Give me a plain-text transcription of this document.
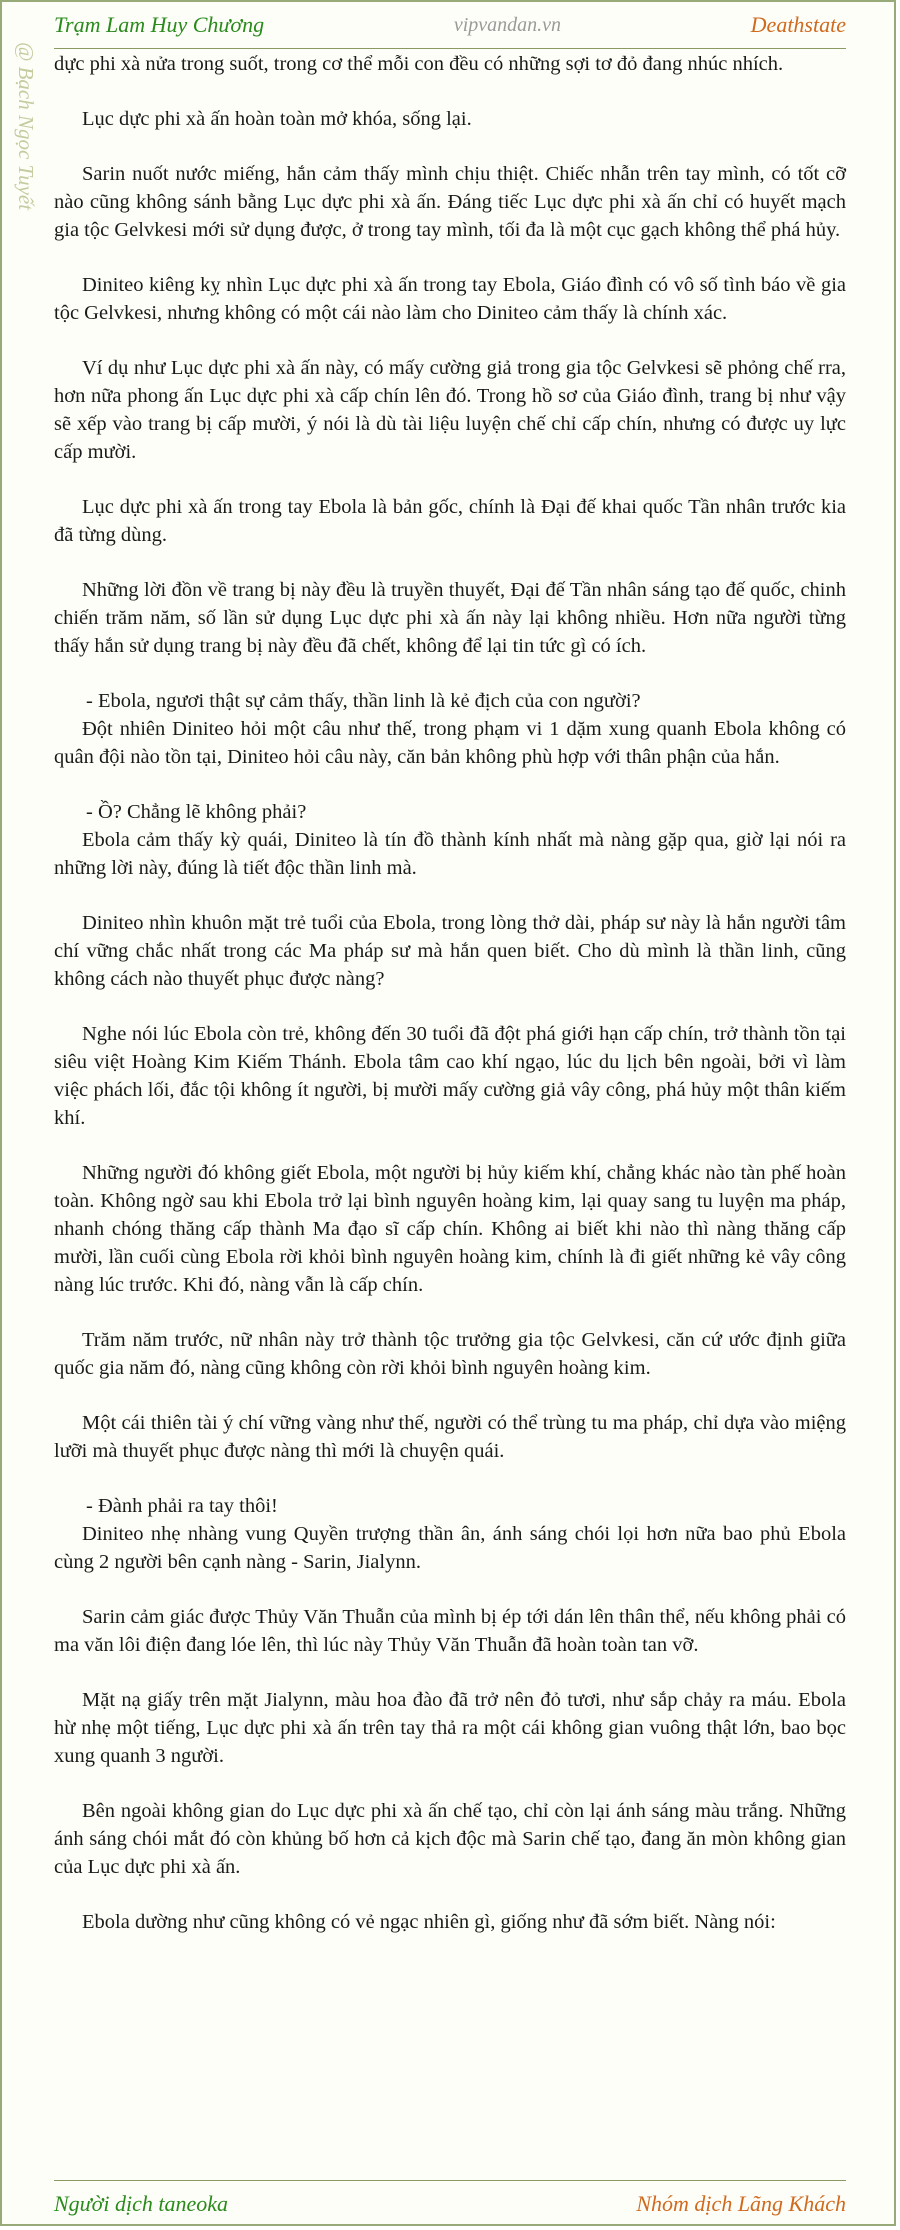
Trạm Lam Huy Chương	vipvandan.vn	Deathstate
@ Bạch Ngọc Tuyết dực phi xà nửa trong suốt, trong cơ thể mỗi con đều có những sợi tơ đỏ đang nhúc nhích.

Lục dực phi xà ấn hoàn toàn mở khóa, sống lại.

Sarin nuốt nước miếng, hắn cảm thấy mình chịu thiệt. Chiếc nhẫn trên tay mình, có tốt cỡ nào cũng không sánh bằng Lục dực phi xà ấn. Đáng tiếc Lục dực phi xà ấn chỉ có huyết mạch gia tộc Gelvkesi mới sử dụng được, ở trong tay mình, tối đa là một cục gạch không thể phá hủy.

Diniteo kiêng kỵ nhìn Lục dực phi xà ấn trong tay Ebola, Giáo đình có vô số tình báo về gia tộc Gelvkesi, nhưng không có một cái nào làm cho Diniteo cảm thấy là chính xác.

Ví dụ như Lục dực phi xà ấn này, có mấy cường giả trong gia tộc Gelvkesi sẽ phỏng chế rra, hơn nữa phong ấn Lục dực phi xà cấp chín lên đó. Trong hồ sơ của Giáo đình, trang bị như vậy sẽ xếp vào trang bị cấp mười, ý nói là dù tài liệu luyện chế chỉ cấp chín, nhưng có được uy lực cấp mười.

Lục dực phi xà ấn trong tay Ebola là bản gốc, chính là Đại đế khai quốc Tần nhân trước kia đã từng dùng.

Những lời đồn về trang bị này đều là truyền thuyết, Đại đế Tần nhân sáng tạo đế quốc, chinh chiến trăm năm, số lần sử dụng Lục dực phi xà ấn này lại không nhiều. Hơn nữa người từng thấy hắn sử dụng trang bị này đều đã chết, không để lại tin tức gì có ích.

- Ebola, ngươi thật sự cảm thấy, thần linh là kẻ địch của con người?

Đột nhiên Diniteo hỏi một câu như thế, trong phạm vi 1 dặm xung quanh Ebola không có quân đội nào tồn tại, Diniteo hỏi câu này, căn bản không phù hợp với thân phận của hắn.

- Ồ? Chẳng lẽ không phải?

Ebola cảm thấy kỳ quái, Diniteo là tín đồ thành kính nhất mà nàng gặp qua, giờ lại nói ra những lời này, đúng là tiết độc thần linh mà.

Diniteo nhìn khuôn mặt trẻ tuổi của Ebola, trong lòng thở dài, pháp sư này là hắn người tâm chí vững chắc nhất trong các Ma pháp sư mà hắn quen biết. Cho dù mình là thần linh, cũng không cách nào thuyết phục được nàng?

Nghe nói lúc Ebola còn trẻ, không đến 30 tuổi đã đột phá giới hạn cấp chín, trở thành tồn tại siêu việt Hoàng Kim Kiếm Thánh. Ebola tâm cao khí ngạo, lúc du lịch bên ngoài, bởi vì làm việc phách lối, đắc tội không ít người, bị mười mấy cường giả vây công, phá hủy một thân kiếm khí.

Những người đó không giết Ebola, một người bị hủy kiếm khí, chẳng khác nào tàn phế hoàn toàn. Không ngờ sau khi Ebola trở lại bình nguyên hoàng kim, lại quay sang tu luyện ma pháp, nhanh chóng thăng cấp thành Ma đạo sĩ cấp chín. Không ai biết khi nào thì nàng thăng cấp mười, lần cuối cùng Ebola rời khỏi bình nguyên hoàng kim, chính là đi giết những kẻ vây công nàng lúc trước. Khi đó, nàng vẫn là cấp chín.

Trăm năm trước, nữ nhân này trở thành tộc trưởng gia tộc Gelvkesi, căn cứ ước định giữa quốc gia năm đó, nàng cũng không còn rời khỏi bình nguyên hoàng kim.

Một cái thiên tài ý chí vững vàng như thế, người có thể trùng tu ma pháp, chỉ dựa vào miệng lưỡi mà thuyết phục được nàng thì mới là chuyện quái.

- Đành phải ra tay thôi!

Diniteo nhẹ nhàng vung Quyền trượng thần ân, ánh sáng chói lọi hơn nữa bao phủ Ebola cùng 2 người bên cạnh nàng - Sarin, Jialynn.

Sarin cảm giác được Thủy Văn Thuẫn của mình bị ép tới dán lên thân thể, nếu không phải có ma văn lôi điện đang lóe lên, thì lúc này Thủy Văn Thuẫn đã hoàn toàn tan vỡ.

Mặt nạ giấy trên mặt Jialynn, màu hoa đào đã trở nên đỏ tươi, như sắp chảy ra máu. Ebola hừ nhẹ một tiếng, Lục dực phi xà ấn trên tay thả ra một cái không gian vuông thật lớn, bao bọc xung quanh 3 người.

Bên ngoài không gian do Lục dực phi xà ấn chế tạo, chỉ còn lại ánh sáng màu trắng. Những ánh sáng chói mắt đó còn khủng bố hơn cả kịch độc mà Sarin chế tạo, đang ăn mòn không gian của Lục dực phi xà ấn.

Ebola dường như cũng không có vẻ ngạc nhiên gì, giống như đã sớm biết. Nàng nói:

Người dịch taneoka	Nhóm dịch Lãng Khách
